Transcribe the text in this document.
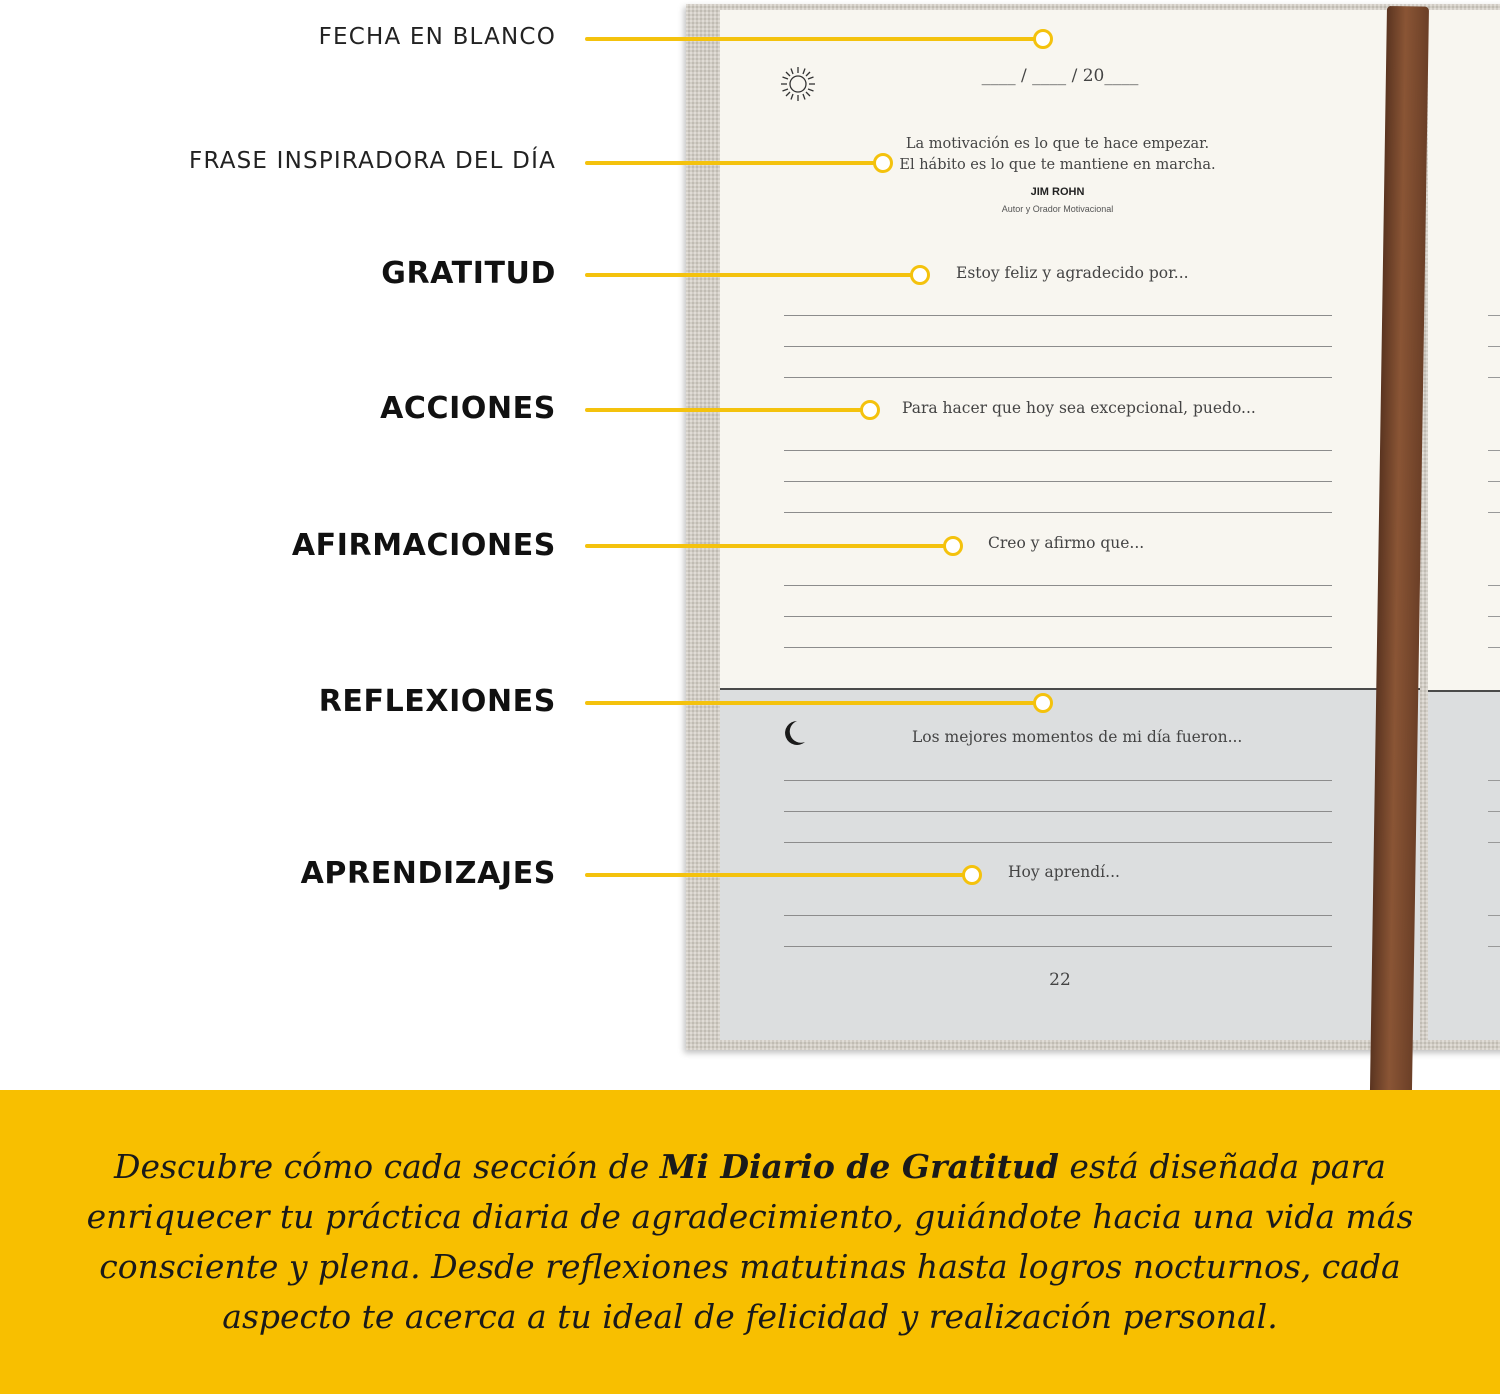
FECHA EN BLANCO
FRASE INSPIRADORA DEL DÍA
GRATITUD
ACCIONES
AFIRMACIONES
REFLEXIONES
APRENDIZAJES
____ / ____ / 20____
La motivación es lo que te hace empezar.
El hábito es lo que te mantiene en marcha.
JIM ROHN
Autor y Orador Motivacional
Estoy feliz y agradecido por...
Para hacer que hoy sea excepcional, puedo...
Creo y afirmo que...
Los mejores momentos de mi día fueron...
Hoy aprendí...
22
Descubre cómo cada sección de Mi Diario de Gratitud está diseñada para enriquecer tu práctica diaria de agradecimiento, guiándote hacia una vida más consciente y plena. Desde reflexiones matutinas hasta logros nocturnos, cada aspecto te acerca a tu ideal de felicidad y realización personal.
